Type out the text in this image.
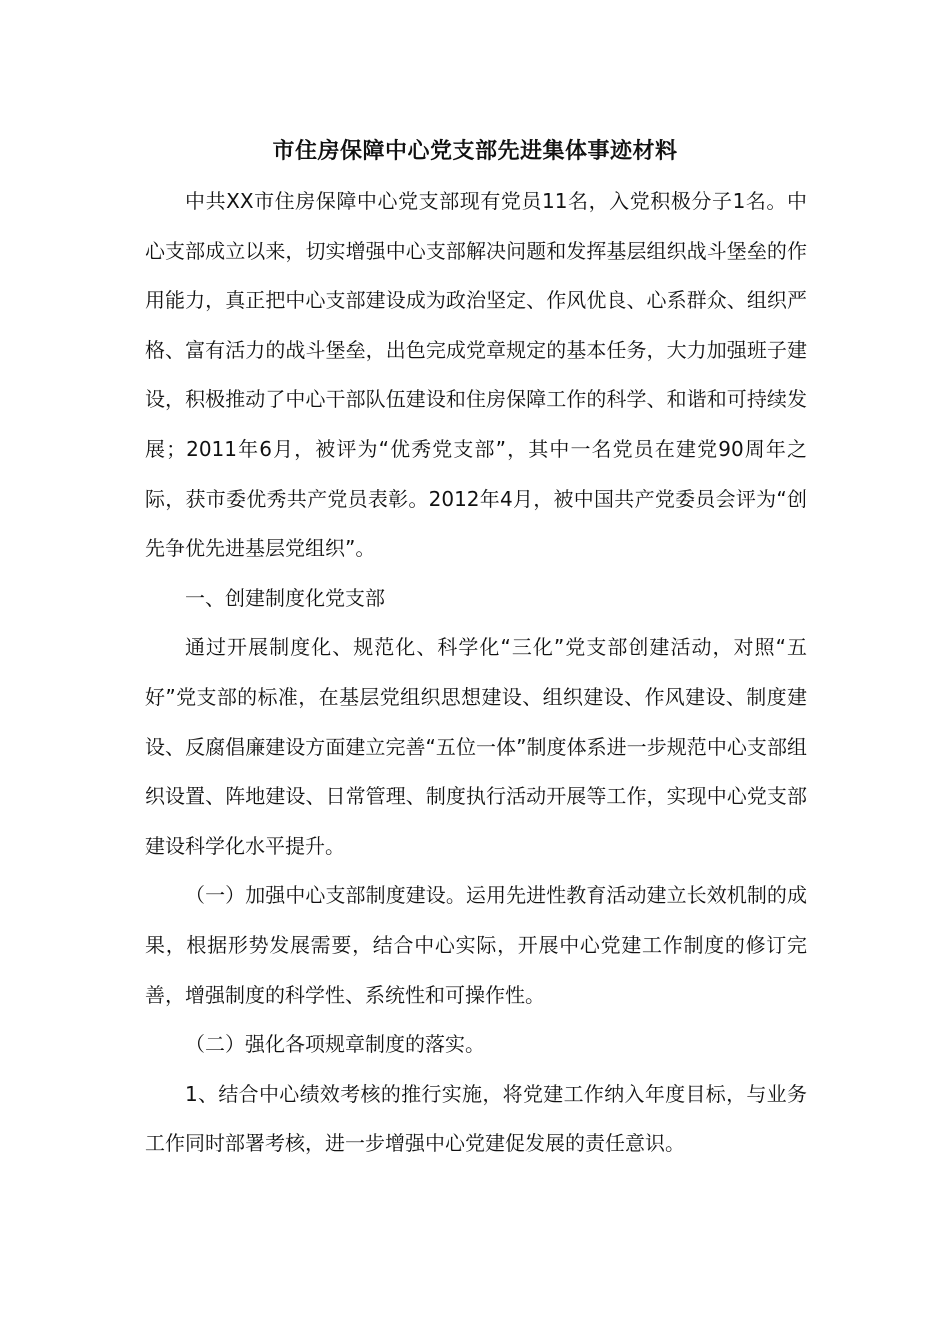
市住房保障中心党支部先进集体事迹材料

中共XX市住房保障中心党支部现有党员11名，入党积极分子1名。中心支部成立以来，切实增强中心支部解决问题和发挥基层组织战斗堡垒的作用能力，真正把中心支部建设成为政治坚定、作风优良、心系群众、组织严格、富有活力的战斗堡垒，出色完成党章规定的基本任务，大力加强班子建设，积极推动了中心干部队伍建设和住房保障工作的科学、和谐和可持续发展；2011年6月，被评为“优秀党支部”，其中一名党员在建党90周年之际，获市委优秀共产党员表彰。2012年4月，被中国共产党委员会评为“创先争优先进基层党组织”。

一、创建制度化党支部

通过开展制度化、规范化、科学化“三化”党支部创建活动，对照“五好”党支部的标准，在基层党组织思想建设、组织建设、作风建设、制度建设、反腐倡廉建设方面建立完善“五位一体”制度体系进一步规范中心支部组织设置、阵地建设、日常管理、制度执行活动开展等工作，实现中心党支部建设科学化水平提升。

（一）加强中心支部制度建设。运用先进性教育活动建立长效机制的成果，根据形势发展需要，结合中心实际，开展中心党建工作制度的修订完善，增强制度的科学性、系统性和可操作性。

（二）强化各项规章制度的落实。

1、结合中心绩效考核的推行实施，将党建工作纳入年度目标，与业务工作同时部署考核，进一步增强中心党建促发展的责任意识。
